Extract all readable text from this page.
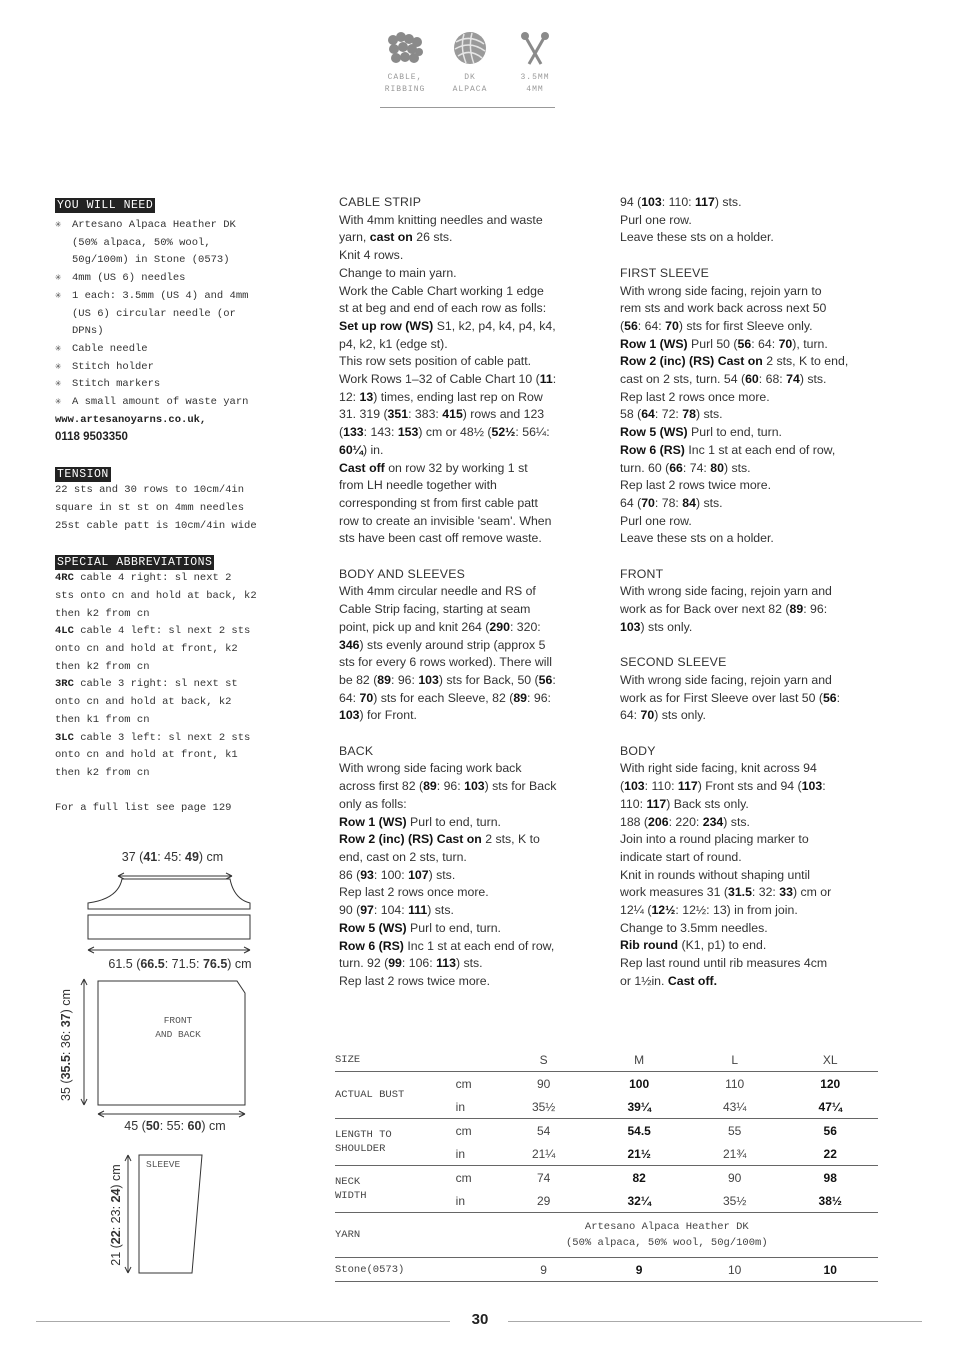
CABLE,
RIBBING
DK
ALPACA
3.5MM
4MM
YOU WILL NEED
✳ Artesano Alpaca Heather DK
(50% alpaca, 50% wool,
50g/100m) in Stone (0573)
✳ 4mm (US 6) needles
✳ 1 each: 3.5mm (US 4) and 4mm
(US 6) circular needle (or
DPNs)
✳ Cable needle
✳ Stitch holder
✳ Stitch markers
✳ A small amount of waste yarn
www.artesanoyarns.co.uk,
0118 9503350
TENSION
22 sts and 30 rows to 10cm/4in
square in st st on 4mm needles
25st cable patt is 10cm/4in wide
SPECIAL ABBREVIATIONS
4RC cable 4 right: sl next 2
sts onto cn and hold at back, k2
then k2 from cn
4LC cable 4 left: sl next 2 sts
onto cn and hold at front, k2
then k2 from cn
3RC cable 3 right: sl next st
onto cn and hold at back, k2
then k1 from cn
3LC cable 3 left: sl next 2 sts
onto cn and hold at front, k1
then k2 from cn
For a full list see page 129
37 (41: 45: 49) cm
61.5 (66.5: 71.5: 76.5) cm
FRONT
AND BACK
35 (35.5: 36: 37) cm
45 (50: 55: 60) cm
SLEEVE
21 (22: 23: 24) cm

CABLE STRIP

With 4mm knitting needles and waste

yarn, cast on 26 sts.

Knit 4 rows.

Change to main yarn.

Work the Cable Chart working 1 edge

st at beg and end of each row as folls:

Set up row (WS) S1, k2, p4, k4, p4, k4,

p4, k2, k1 (edge st).

This row sets position of cable patt.

Work Rows 1–32 of Cable Chart 10 (11:

12: 13) times, ending last rep on Row

31. 319 (351: 383: 415) rows and 123

(133: 143: 153) cm or 48½ (52½: 56¼:

60¼) in.

Cast off on row 32 by working 1 st

from LH needle together with

corresponding st from first cable patt

row to create an invisible 'seam'. When

sts have been cast off remove waste.

BODY AND SLEEVES

With 4mm circular needle and RS of

Cable Strip facing, starting at seam

point, pick up and knit 264 (290: 320:

346) sts evenly around strip (approx 5

sts for every 6 rows worked). There will

be 82 (89: 96: 103) sts for Back, 50 (56:

64: 70) sts for each Sleeve, 82 (89: 96:

103) for Front.

BACK

With wrong side facing work back

across first 82 (89: 96: 103) sts for Back

only as folls:

Row 1 (WS) Purl to end, turn.

Row 2 (inc) (RS) Cast on 2 sts, K to

end, cast on 2 sts, turn.

86 (93: 100: 107) sts.

Rep last 2 rows once more.

90 (97: 104: 111) sts.

Row 5 (WS) Purl to end, turn.

Row 6 (RS) Inc 1 st at each end of row,

turn. 92 (99: 106: 113) sts.

Rep last 2 rows twice more.

94 (103: 110: 117) sts.

Purl one row.

Leave these sts on a holder.

FIRST SLEEVE

With wrong side facing, rejoin yarn to

rem sts and work back across next 50

(56: 64: 70) sts for first Sleeve only.

Row 1 (WS) Purl 50 (56: 64: 70), turn.

Row 2 (inc) (RS) Cast on 2 sts, K to end,

cast on 2 sts, turn. 54 (60: 68: 74) sts.

Rep last 2 rows once more.

58 (64: 72: 78) sts.

Row 5 (WS) Purl to end, turn.

Row 6 (RS) Inc 1 st at each end of row,

turn. 60 (66: 74: 80) sts.

Rep last 2 rows twice more.

64 (70: 78: 84) sts.

Purl one row.

Leave these sts on a holder.

FRONT

With wrong side facing, rejoin yarn and

work as for Back over next 82 (89: 96:

103) sts only.

SECOND SLEEVE

With wrong side facing, rejoin yarn and

work as for First Sleeve over last 50 (56:

64: 70) sts only.

BODY

With right side facing, knit across 94

(103: 110: 117) Front sts and 94 (103:

110: 117) Back sts only.

188 (206: 220: 234) sts.

Join into a round placing marker to

indicate start of round.

Knit in rounds without shaping until

work measures 31 (31.5: 32: 33) cm or

12¼ (12½: 12½: 13) in from join.

Change to 3.5mm needles.

Rib round (K1, p1) to end.

Rep last round until rib measures 4cm

or 1½in. Cast off.

SIZE		S	M	L	XL

ACTUAL BUST	cm	90	100	110	120
	in	35½	39¼	43¼	47¼

LENGTH TO
SHOULDER	cm	54	54.5	55	56
	in	21¼	21½	21¾	22

NECK
WIDTH	cm	74	82	90	98
	in	29	32¼	35½	38½
YARN	Artesano Alpaca Heather DK
(50% alpaca, 50% wool, 50g/100m)				

Stone(0573)		9	9	10	10

30
